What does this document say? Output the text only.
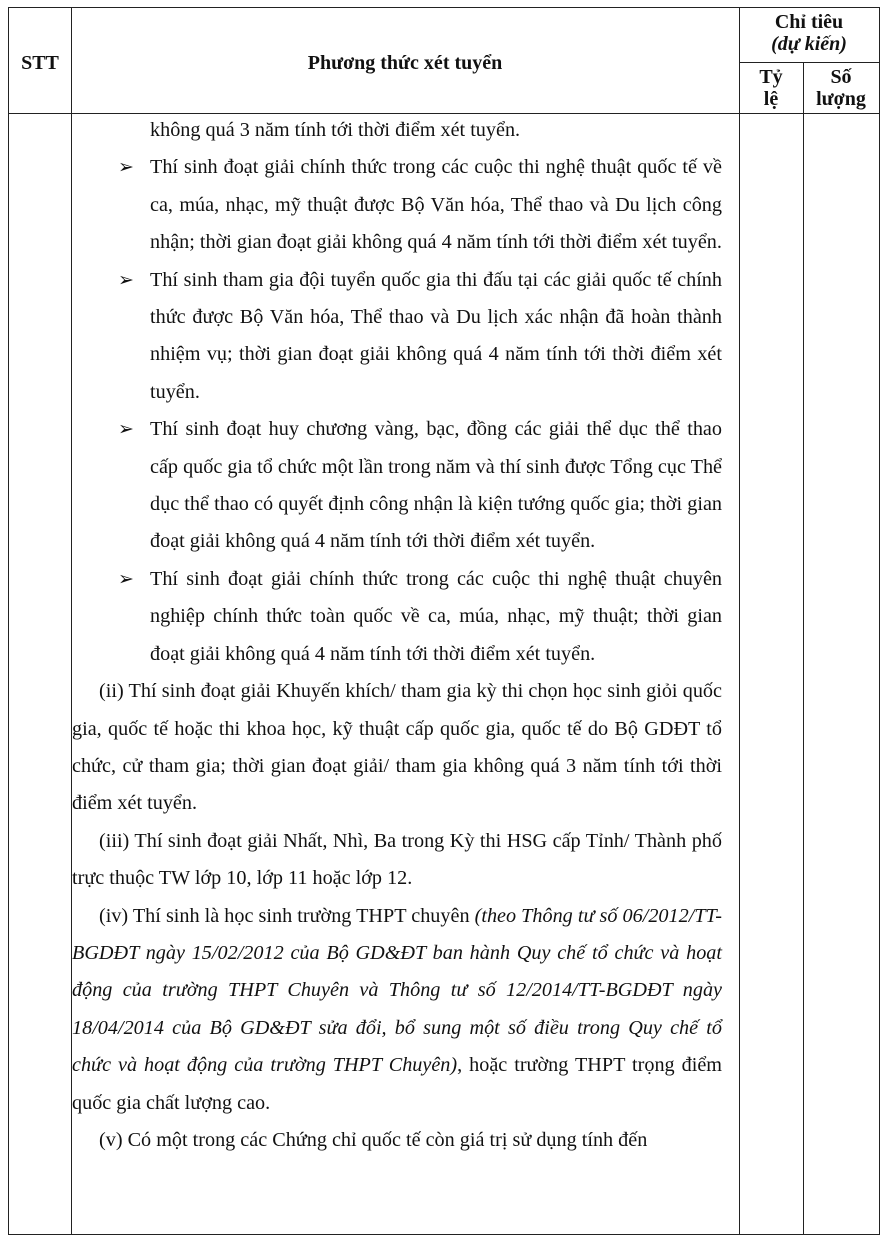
STT	Phương thức xét tuyển
Chỉ tiêu
(dự kiến)
Tỷ
lệ
Số
lượng
không quá 3 năm tính tới thời điểm xét tuyển.
➢ Thí sinh đoạt giải chính thức trong các cuộc thi nghệ thuật quốc tế về ca, múa, nhạc, mỹ thuật được Bộ Văn hóa, Thể thao và Du lịch công nhận; thời gian đoạt giải không quá 4 năm tính tới thời điểm xét tuyển.
➢ Thí sinh tham gia đội tuyển quốc gia thi đấu tại các giải quốc tế chính thức được Bộ Văn hóa, Thể thao và Du lịch xác nhận đã hoàn thành nhiệm vụ; thời gian đoạt giải không quá 4 năm tính tới thời điểm xét tuyển.
➢ Thí sinh đoạt huy chương vàng, bạc, đồng các giải thể dục thể thao cấp quốc gia tổ chức một lần trong năm và thí sinh được Tổng cục Thể dục thể thao có quyết định công nhận là kiện tướng quốc gia; thời gian đoạt giải không quá 4 năm tính tới thời điểm xét tuyển.
➢ Thí sinh đoạt giải chính thức trong các cuộc thi nghệ thuật chuyên nghiệp chính thức toàn quốc về ca, múa, nhạc, mỹ thuật; thời gian đoạt giải không quá 4 năm tính tới thời điểm xét tuyển.
(ii) Thí sinh đoạt giải Khuyến khích/ tham gia kỳ thi chọn học sinh giỏi quốc gia, quốc tế hoặc thi khoa học, kỹ thuật cấp quốc gia, quốc tế do Bộ GDĐT tổ chức, cử tham gia; thời gian đoạt giải/ tham gia không quá 3 năm tính tới thời điểm xét tuyển.
(iii) Thí sinh đoạt giải Nhất, Nhì, Ba trong Kỳ thi HSG cấp Tỉnh/ Thành phố trực thuộc TW lớp 10, lớp 11 hoặc lớp 12.
(iv) Thí sinh là học sinh trường THPT chuyên (theo Thông tư số 06/2012/TT-BGDĐT ngày 15/02/2012 của Bộ GD&ĐT ban hành Quy chế tổ chức và hoạt động của trường THPT Chuyên và Thông tư số 12/2014/TT-BGDĐT ngày 18/04/2014 của Bộ GD&ĐT sửa đổi, bổ sung một số điều trong Quy chế tổ chức và hoạt động của trường THPT Chuyên), hoặc trường THPT trọng điểm quốc gia chất lượng cao.
(v) Có một trong các Chứng chỉ quốc tế còn giá trị sử dụng tính đến
